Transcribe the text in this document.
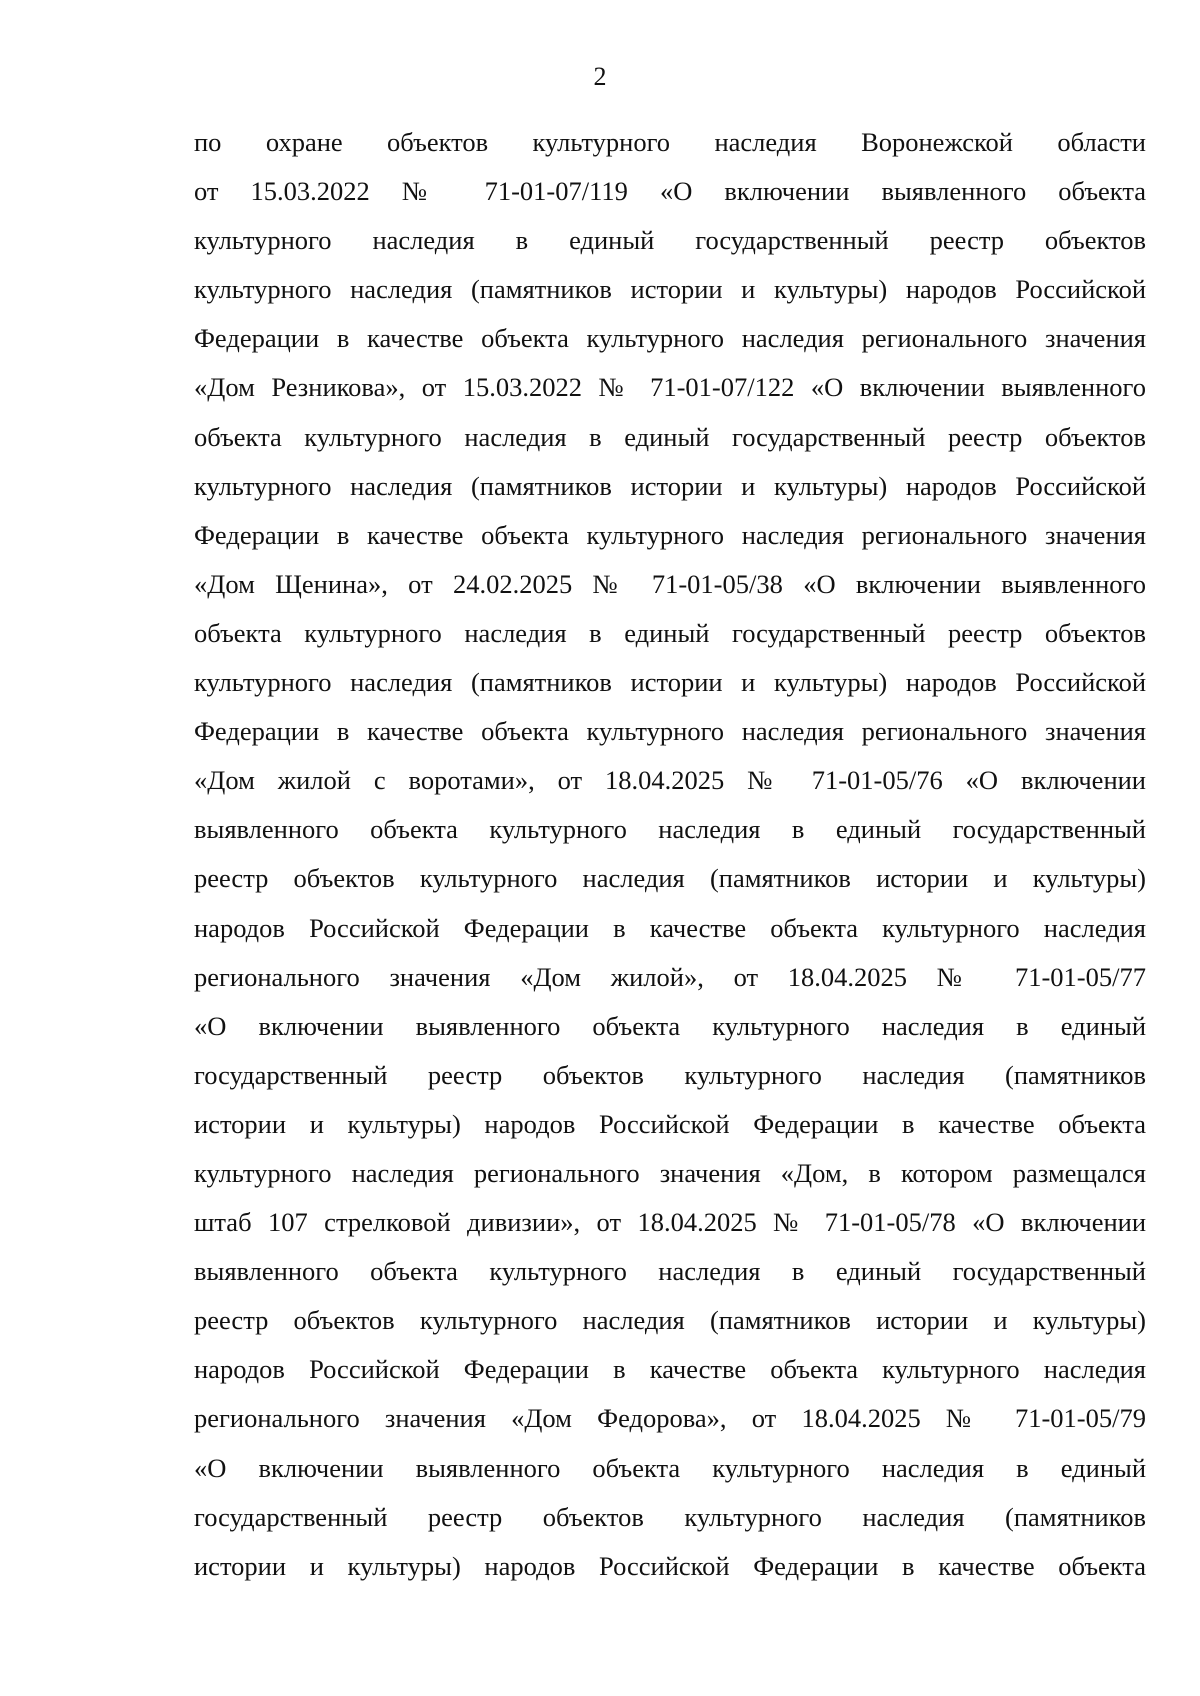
2
по охране объектов культурного наследия Воронежской области
от 15.03.2022 № 71-01-07/119 «О включении выявленного объекта
культурного наследия в единый государственный реестр объектов
культурного наследия (памятников истории и культуры) народов Российской
Федерации в качестве объекта культурного наследия регионального значения
«Дом Резникова», от 15.03.2022 № 71-01-07/122 «О включении выявленного
объекта культурного наследия в единый государственный реестр объектов
культурного наследия (памятников истории и культуры) народов Российской
Федерации в качестве объекта культурного наследия регионального значения
«Дом Щенина», от 24.02.2025 № 71-01-05/38 «О включении выявленного
объекта культурного наследия в единый государственный реестр объектов
культурного наследия (памятников истории и культуры) народов Российской
Федерации в качестве объекта культурного наследия регионального значения
«Дом жилой с воротами», от 18.04.2025 № 71-01-05/76 «О включении
выявленного объекта культурного наследия в единый государственный
реестр объектов культурного наследия (памятников истории и культуры)
народов Российской Федерации в качестве объекта культурного наследия
регионального значения «Дом жилой», от 18.04.2025 № 71-01-05/77
«О включении выявленного объекта культурного наследия в единый
государственный реестр объектов культурного наследия (памятников
истории и культуры) народов Российской Федерации в качестве объекта
культурного наследия регионального значения «Дом, в котором размещался
штаб 107 стрелковой дивизии», от 18.04.2025 № 71-01-05/78 «О включении
выявленного объекта культурного наследия в единый государственный
реестр объектов культурного наследия (памятников истории и культуры)
народов Российской Федерации в качестве объекта культурного наследия
регионального значения «Дом Федорова», от 18.04.2025 № 71-01-05/79
«О включении выявленного объекта культурного наследия в единый
государственный реестр объектов культурного наследия (памятников
истории и культуры) народов Российской Федерации в качестве объекта
